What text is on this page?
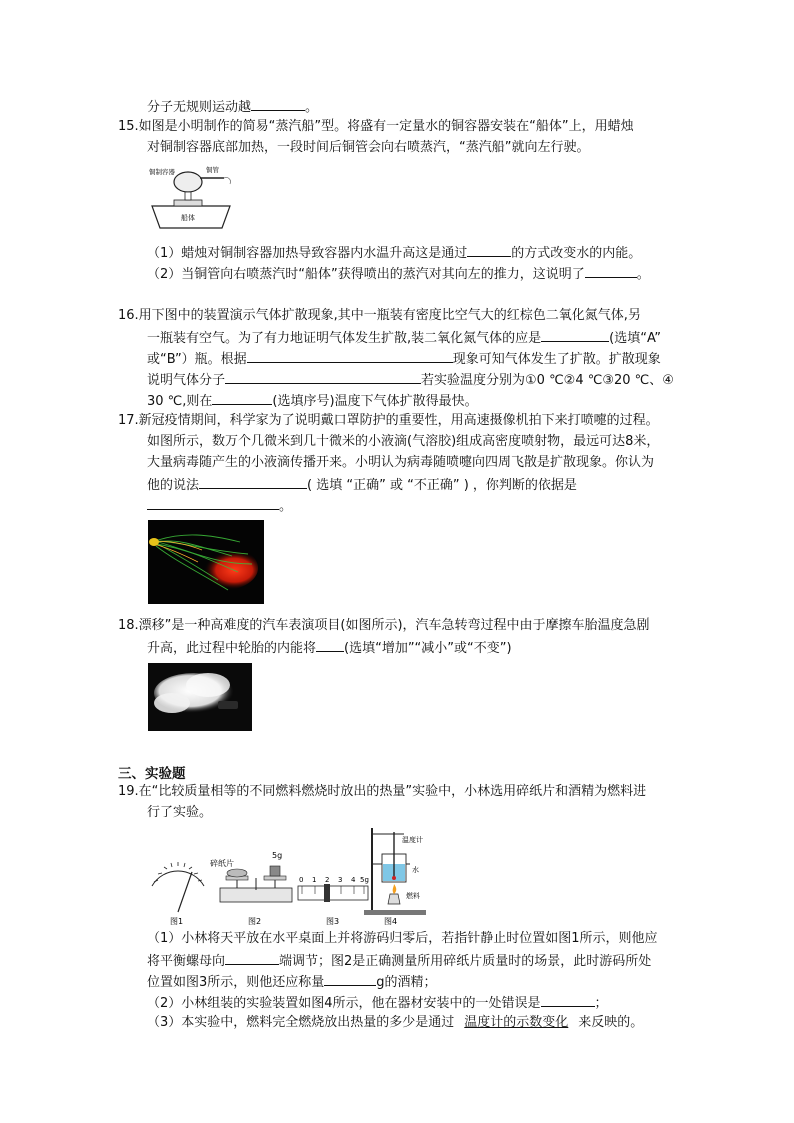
分子无规则运动越	。
15.如图是小明制作的简易“蒸汽船”型。将盛有一定量水的铜容器安装在“船体”上，用蜡烛
对铜制容器底部加热，一段时间后铜管会向右喷蒸汽，“蒸汽船”就向左行驶。
铜制容器	铜管
船体
（1）蜡烛对铜制容器加热导致容器内水温升高这是通过	的方式改变水的内能。
（2）当铜管向右喷蒸汽时“船体”获得喷出的蒸汽对其向左的推力，这说明了	。
16.用下图中的装置演示气体扩散现象,其中一瓶装有密度比空气大的红棕色二氧化氮气体,另
一瓶装有空气。为了有力地证明气体发生扩散,装二氧化氮气体的应是	(选填“A”
或“B”）瓶。根据	现象可知气体发生了扩散。扩散现象
说明气体分子	若实验温度分别为①0 ℃②4 ℃③20 ℃、④
30 ℃,则在	(选填序号)温度下气体扩散得最快。
17.新冠疫情期间，科学家为了说明戴口罩防护的重要性，用高速摄像机拍下来打喷嚏的过程。
如图所示，数万个几微米到几十微米的小液滴(气溶胶)组成高密度喷射物，最远可达8米，
大量病毒随产生的小液滴传播开来。小明认为病毒随喷嚏向四周飞散是扩散现象。你认为
他的说法	( 选填 “正确” 或 “不正确” ) ，你判断的依据是
。
18.漂移”是一种高难度的汽车表演项目(如图所示)，汽车急转弯过程中由于摩擦车胎温度急剧
升高，此过程中轮胎的内能将 (选填“增加”“减小”或“不变”)
三、实验题
19.在“比较质量相等的不同燃料燃烧时放出的热量”实验中，小林选用碎纸片和酒精为燃料进
行了实验。
图1
碎纸片
5g
图2
0 1 2 3 4 5g
图3
温度计
水
燃料
图4
（1）小林将天平放在水平桌面上并将游码归零后，若指针静止时位置如图1所示，则他应
将平衡螺母向	端调节；图2是正确测量所用碎纸片质量时的场景，此时游码所处
位置如图3所示，则他还应称量	g的酒精；
（2）小林组装的实验装置如图4所示，他在器材安装中的一处错误是	；
（3）本实验中，燃料完全燃烧放出热量的多少是通过 温度计的示数变化 来反映的。
